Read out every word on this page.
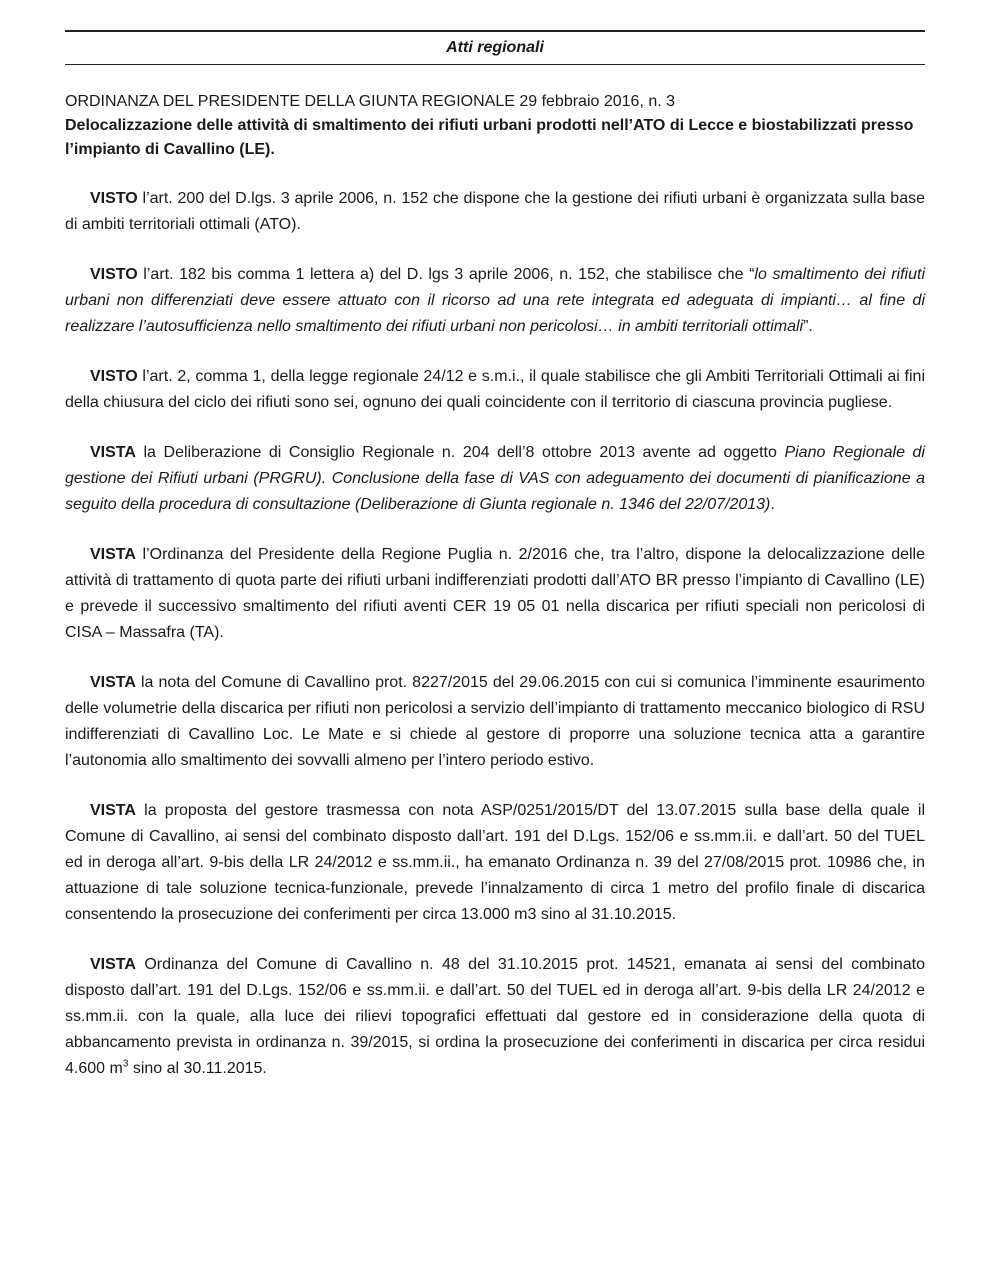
Atti regionali
ORDINANZA DEL PRESIDENTE DELLA GIUNTA REGIONALE 29 febbraio 2016, n. 3
Delocalizzazione delle attività di smaltimento dei rifiuti urbani prodotti nell’ATO di Lecce e biostabilizzati presso l’impianto di Cavallino (LE).

VISTO l’art. 200 del D.lgs. 3 aprile 2006, n. 152 che dispone che la gestione dei rifiuti urbani è organizzata sulla base di ambiti territoriali ottimali (ATO).

VISTO l’art. 182 bis comma 1 lettera a) del D. lgs 3 aprile 2006, n. 152, che stabilisce che “lo smaltimento dei rifiuti urbani non differenziati deve essere attuato con il ricorso ad una rete integrata ed adeguata di impianti… al fine di realizzare l’autosufficienza nello smaltimento dei rifiuti urbani non pericolosi… in ambiti territoriali ottimali”.

VISTO l’art. 2, comma 1, della legge regionale 24/12 e s.m.i., il quale stabilisce che gli Ambiti Territoriali Ottimali ai fini della chiusura del ciclo dei rifiuti sono sei, ognuno dei quali coincidente con il territorio di ciascuna provincia pugliese.

VISTA la Deliberazione di Consiglio Regionale n. 204 dell’8 ottobre 2013 avente ad oggetto Piano Regionale di gestione dei Rifiuti urbani (PRGRU). Conclusione della fase di VAS con adeguamento dei documenti di pianificazione a seguito della procedura di consultazione (Deliberazione di Giunta regionale n. 1346 del 22/07/2013).

VISTA l’Ordinanza del Presidente della Regione Puglia n. 2/2016 che, tra l’altro, dispone la delocalizzazione delle attività di trattamento di quota parte dei rifiuti urbani indifferenziati prodotti dall’ATO BR presso l’impianto di Cavallino (LE) e prevede il successivo smaltimento del rifiuti aventi CER 19 05 01 nella discarica per rifiuti speciali non pericolosi di CISA – Massafra (TA).

VISTA la nota del Comune di Cavallino prot. 8227/2015 del 29.06.2015 con cui si comunica l’imminente esaurimento delle volumetrie della discarica per rifiuti non pericolosi a servizio dell’impianto di trattamento meccanico biologico di RSU indifferenziati di Cavallino Loc. Le Mate e si chiede al gestore di proporre una soluzione tecnica atta a garantire l’autonomia allo smaltimento dei sovvalli almeno per l’intero periodo estivo.

VISTA la proposta del gestore trasmessa con nota ASP/0251/2015/DT del 13.07.2015 sulla base della quale il Comune di Cavallino, ai sensi del combinato disposto dall’art. 191 del D.Lgs. 152/06 e ss.mm.ii. e dall’art. 50 del TUEL ed in deroga all’art. 9-bis della LR 24/2012 e ss.mm.ii., ha emanato Ordinanza n. 39 del 27/08/2015 prot. 10986 che, in attuazione di tale soluzione tecnica-funzionale, prevede l’innalzamento di circa 1 metro del profilo finale di discarica consentendo la prosecuzione dei conferimenti per circa 13.000 m3 sino al 31.10.2015.

VISTA Ordinanza del Comune di Cavallino n. 48 del 31.10.2015 prot. 14521, emanata ai sensi del combinato disposto dall’art. 191 del D.Lgs. 152/06 e ss.mm.ii. e dall’art. 50 del TUEL ed in deroga all’art. 9-bis della LR 24/2012 e ss.mm.ii. con la quale, alla luce dei rilievi topografici effettuati dal gestore ed in considerazione della quota di abbancamento prevista in ordinanza n. 39/2015, si ordina la prosecuzione dei conferimenti in discarica per circa residui 4.600 $m^3$ sino al 30.11.2015.
